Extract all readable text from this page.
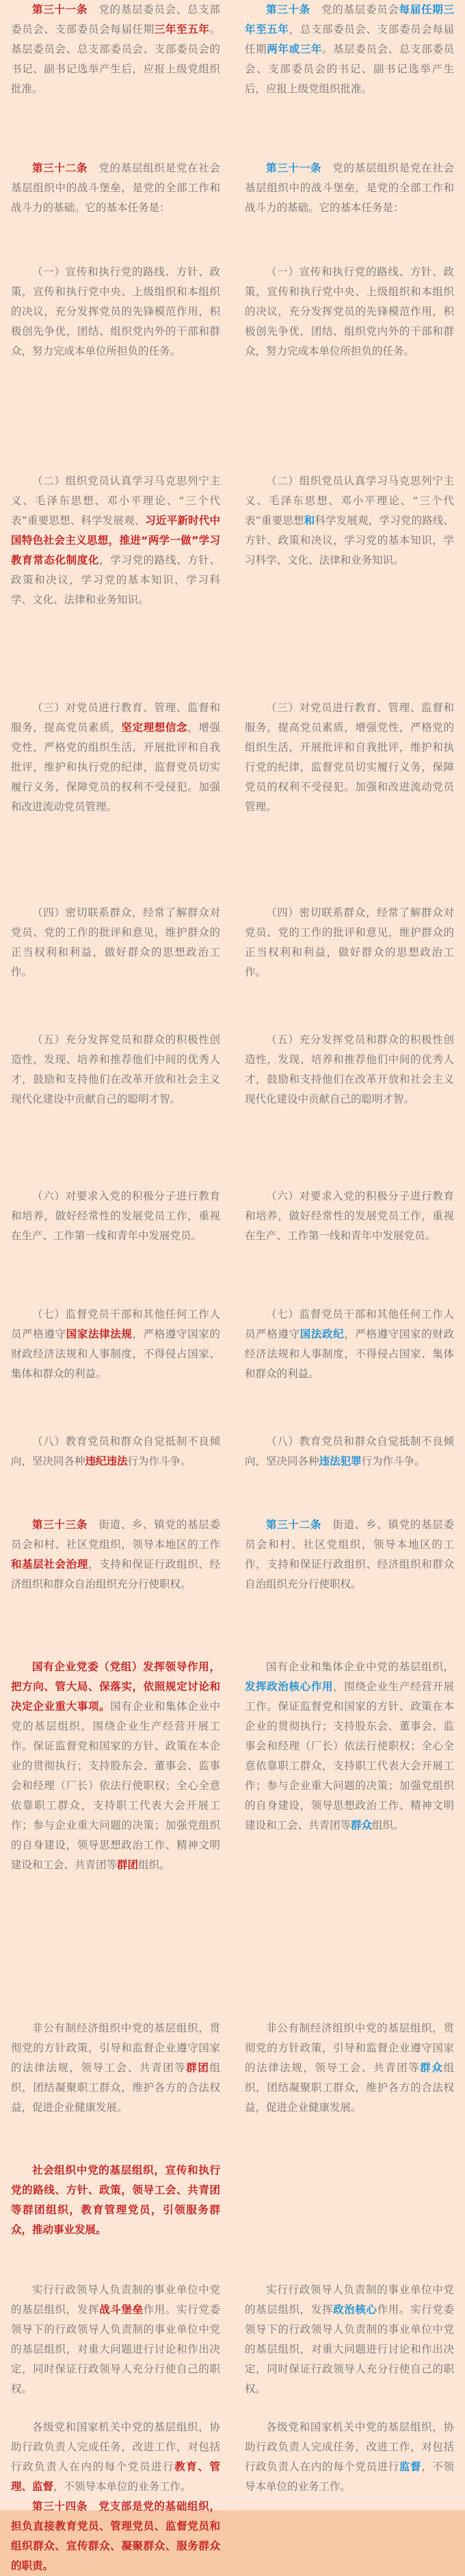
第三十一条　 党的基层委员会、总支部委员会、支部委员会每届任期三年至五年。基层委员会、总支部委员会、支部委员会的书记、副书记选举产生后，应报上级党组织批准。

第三十二条　 党的基层组织是党在社会基层组织中的战斗堡垒，是党的全部工作和战斗力的基础。它的基本任务是：

（一）宣传和执行党的路线、方针、政策，宣传和执行党中央、上级组织和本组织的决议，充分发挥党员的先锋模范作用，积极创先争优，团结、组织党内外的干部和群众，努力完成本单位所担负的任务。

（二）组织党员认真学习马克思列宁主义、毛泽东思想、邓小平理论、“三个代表”重要思想、科学发展观、习近平新时代中国特色社会主义思想，推进“两学一做”学习教育常态化制度化，学习党的路线、方针、政策和决议，学习党的基本知识，学习科学、文化、法律和业务知识。

（三）对党员进行教育、管理、监督和服务，提高党员素质，坚定理想信念，增强党性，严格党的组织生活，开展批评和自我批评，维护和执行党的纪律，监督党员切实履行义务，保障党员的权利不受侵犯。加强和改进流动党员管理。

（四）密切联系群众，经常了解群众对党员、党的工作的批评和意见，维护群众的正当权利和利益，做好群众的思想政治工作。

（五）充分发挥党员和群众的积极性创造性，发现、培养和推荐他们中间的优秀人才，鼓励和支持他们在改革开放和社会主义现代化建设中贡献自己的聪明才智。

（六）对要求入党的积极分子进行教育和培养，做好经常性的发展党员工作，重视在生产、工作第一线和青年中发展党员。

（七）监督党员干部和其他任何工作人员严格遵守国家法律法规，严格遵守国家的财政经济法规和人事制度，不得侵占国家、集体和群众的利益。

（八）教育党员和群众自觉抵制不良倾向，坚决同各种违纪违法行为作斗争。

第三十三条　 街道、乡、镇党的基层委员会和村、社区党组织，领导本地区的工作和基层社会治理，支持和保证行政组织、经济组织和群众自治组织充分行使职权。

国有企业党委（党组）发挥领导作用，把方向、管大局、保落实，依照规定讨论和决定企业重大事项。国有企业和集体企业中党的基层组织，围绕企业生产经营开展工作。保证监督党和国家的方针、政策在本企业的贯彻执行；支持股东会、董事会、监事会和经理（厂长）依法行使职权；全心全意依靠职工群众，支持职工代表大会开展工作；参与企业重大问题的决策；加强党组织的自身建设，领导思想政治工作、精神文明建设和工会、共青团等群团组织。

非公有制经济组织中党的基层组织，贯彻党的方针政策，引导和监督企业遵守国家的法律法规，领导工会、共青团等群团组织，团结凝聚职工群众，维护各方的合法权益，促进企业健康发展。

社会组织中党的基层组织，宣传和执行党的路线、方针、政策，领导工会、共青团等群团组织，教育管理党员，引领服务群众，推动事业发展。

实行行政领导人负责制的事业单位中党的基层组织，发挥战斗堡垒作用。实行党委领导下的行政领导人负责制的事业单位中党的基层组织，对重大问题进行讨论和作出决定，同时保证行政领导人充分行使自己的职权。

各级党和国家机关中党的基层组织，协助行政负责人完成任务，改进工作，对包括行政负责人在内的每个党员进行教育、管理、监督，不领导本单位的业务工作。

第三十四条　 党支部是党的基础组织，担负直接教育党员、管理党员、监督党员和组织群众、宣传群众、凝聚群众、服务群众的职责。

第三十条　 党的基层委员会每届任期三年至五年，总支部委员会、支部委员会每届任期两年或三年。基层委员会、总支部委员会、支部委员会的书记、副书记选举产生后，应报上级党组织批准。

第三十一条　 党的基层组织是党在社会基层组织中的战斗堡垒，是党的全部工作和战斗力的基础。它的基本任务是：

（一）宣传和执行党的路线、方针、政策，宣传和执行党中央、上级组织和本组织的决议，充分发挥党员的先锋模范作用，积极创先争优，团结、组织党内外的干部和群众，努力完成本单位所担负的任务。

（二）组织党员认真学习马克思列宁主义、毛泽东思想、邓小平理论、“三个代表”重要思想和科学发展观，学习党的路线、方针、政策和决议，学习党的基本知识，学习科学、文化、法律和业务知识。

（三）对党员进行教育、管理、监督和服务，提高党员素质，增强党性，严格党的组织生活，开展批评和自我批评，维护和执行党的纪律，监督党员切实履行义务，保障党员的权利不受侵犯。加强和改进流动党员管理。

（四）密切联系群众，经常了解群众对党员、党的工作的批评和意见，维护群众的正当权利和利益，做好群众的思想政治工作。

（五）充分发挥党员和群众的积极性创造性，发现、培养和推荐他们中间的优秀人才，鼓励和支持他们在改革开放和社会主义现代化建设中贡献自己的聪明才智。

（六）对要求入党的积极分子进行教育和培养，做好经常性的发展党员工作，重视在生产、工作第一线和青年中发展党员。

（七）监督党员干部和其他任何工作人员严格遵守国法政纪，严格遵守国家的财政经济法规和人事制度，不得侵占国家、集体和群众的利益。

（八）教育党员和群众自觉抵制不良倾向，坚决同各种违法犯罪行为作斗争。

第三十二条　 街道、乡、镇党的基层委员会和村、社区党组织，领导本地区的工作，支持和保证行政组织、经济组织和群众自治组织充分行使职权。

国有企业和集体企业中党的基层组织，发挥政治核心作用，围绕企业生产经营开展工作。保证监督党和国家的方针、政策在本企业的贯彻执行；支持股东会、董事会、监事会和经理（厂长）依法行使职权；全心全意依靠职工群众，支持职工代表大会开展工作；参与企业重大问题的决策；加强党组织的自身建设，领导思想政治工作、精神文明建设和工会、共青团等群众组织。

非公有制经济组织中党的基层组织，贯彻党的方针政策，引导和监督企业遵守国家的法律法规，领导工会、共青团等群众组织，团结凝聚职工群众，维护各方的合法权益，促进企业健康发展。

实行行政领导人负责制的事业单位中党的基层组织，发挥政治核心作用。实行党委领导下的行政领导人负责制的事业单位中党的基层组织，对重大问题进行讨论和作出决定，同时保证行政领导人充分行使自己的职权。

各级党和国家机关中党的基层组织，协助行政负责人完成任务，改进工作，对包括行政负责人在内的每个党员进行监督，不领导本单位的业务工作。
